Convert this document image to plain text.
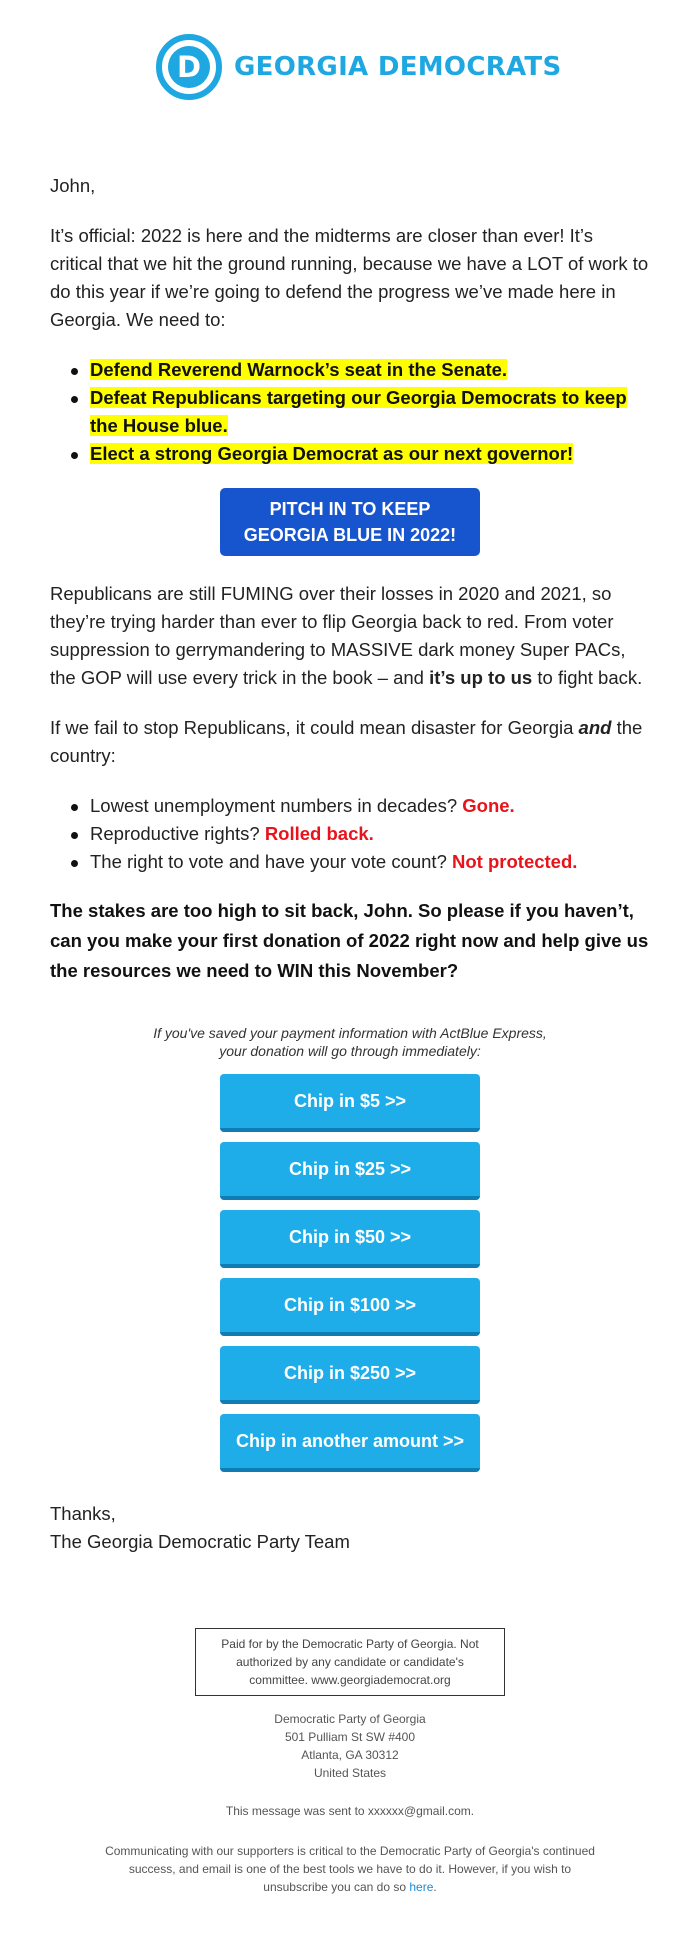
D GEORGIA DEMOCRATS

John,

It’s official: 2022 is here and the midterms are closer than ever! It’s critical that we hit the ground running, because we have a LOT of work to do this year if we’re going to defend the progress we’ve made here in Georgia. We need to:

Defend Reverend Warnock’s seat in the Senate.
Defeat Republicans targeting our Georgia Democrats to keep the House blue.
Elect a strong Georgia Democrat as our next governor!
PITCH IN TO KEEP GEORGIA BLUE IN 2022!

Republicans are still FUMING over their losses in 2020 and 2021, so they’re trying harder than ever to flip Georgia back to red. From voter suppression to gerrymandering to MASSIVE dark money Super PACs, the GOP will use every trick in the book – and it’s up to us to fight back.

If we fail to stop Republicans, it could mean disaster for Georgia and the country:

Lowest unemployment numbers in decades? Gone.
Reproductive rights? Rolled back.
The right to vote and have your vote count? Not protected.

The stakes are too high to sit back, John. So please if you haven’t, can you make your first donation of 2022 right now and help give us the resources we need to WIN this November?

If you've saved your payment information with ActBlue Express,
your donation will go through immediately:
Chip in $5 >>
Chip in $25 >>
Chip in $50 >>
Chip in $100 >>
Chip in $250 >>
Chip in another amount >>
Thanks,
The Georgia Democratic Party Team
Paid for by the Democratic Party of Georgia. Not authorized by any candidate or candidate's committee. www.georgiademocrat.org
Democratic Party of Georgia
501 Pulliam St SW #400
Atlanta, GA 30312
United States
This message was sent to xxxxxx@gmail.com.
Communicating with our supporters is critical to the Democratic Party of Georgia's continued success, and email is one of the best tools we have to do it. However, if you wish to unsubscribe you can do so here.
